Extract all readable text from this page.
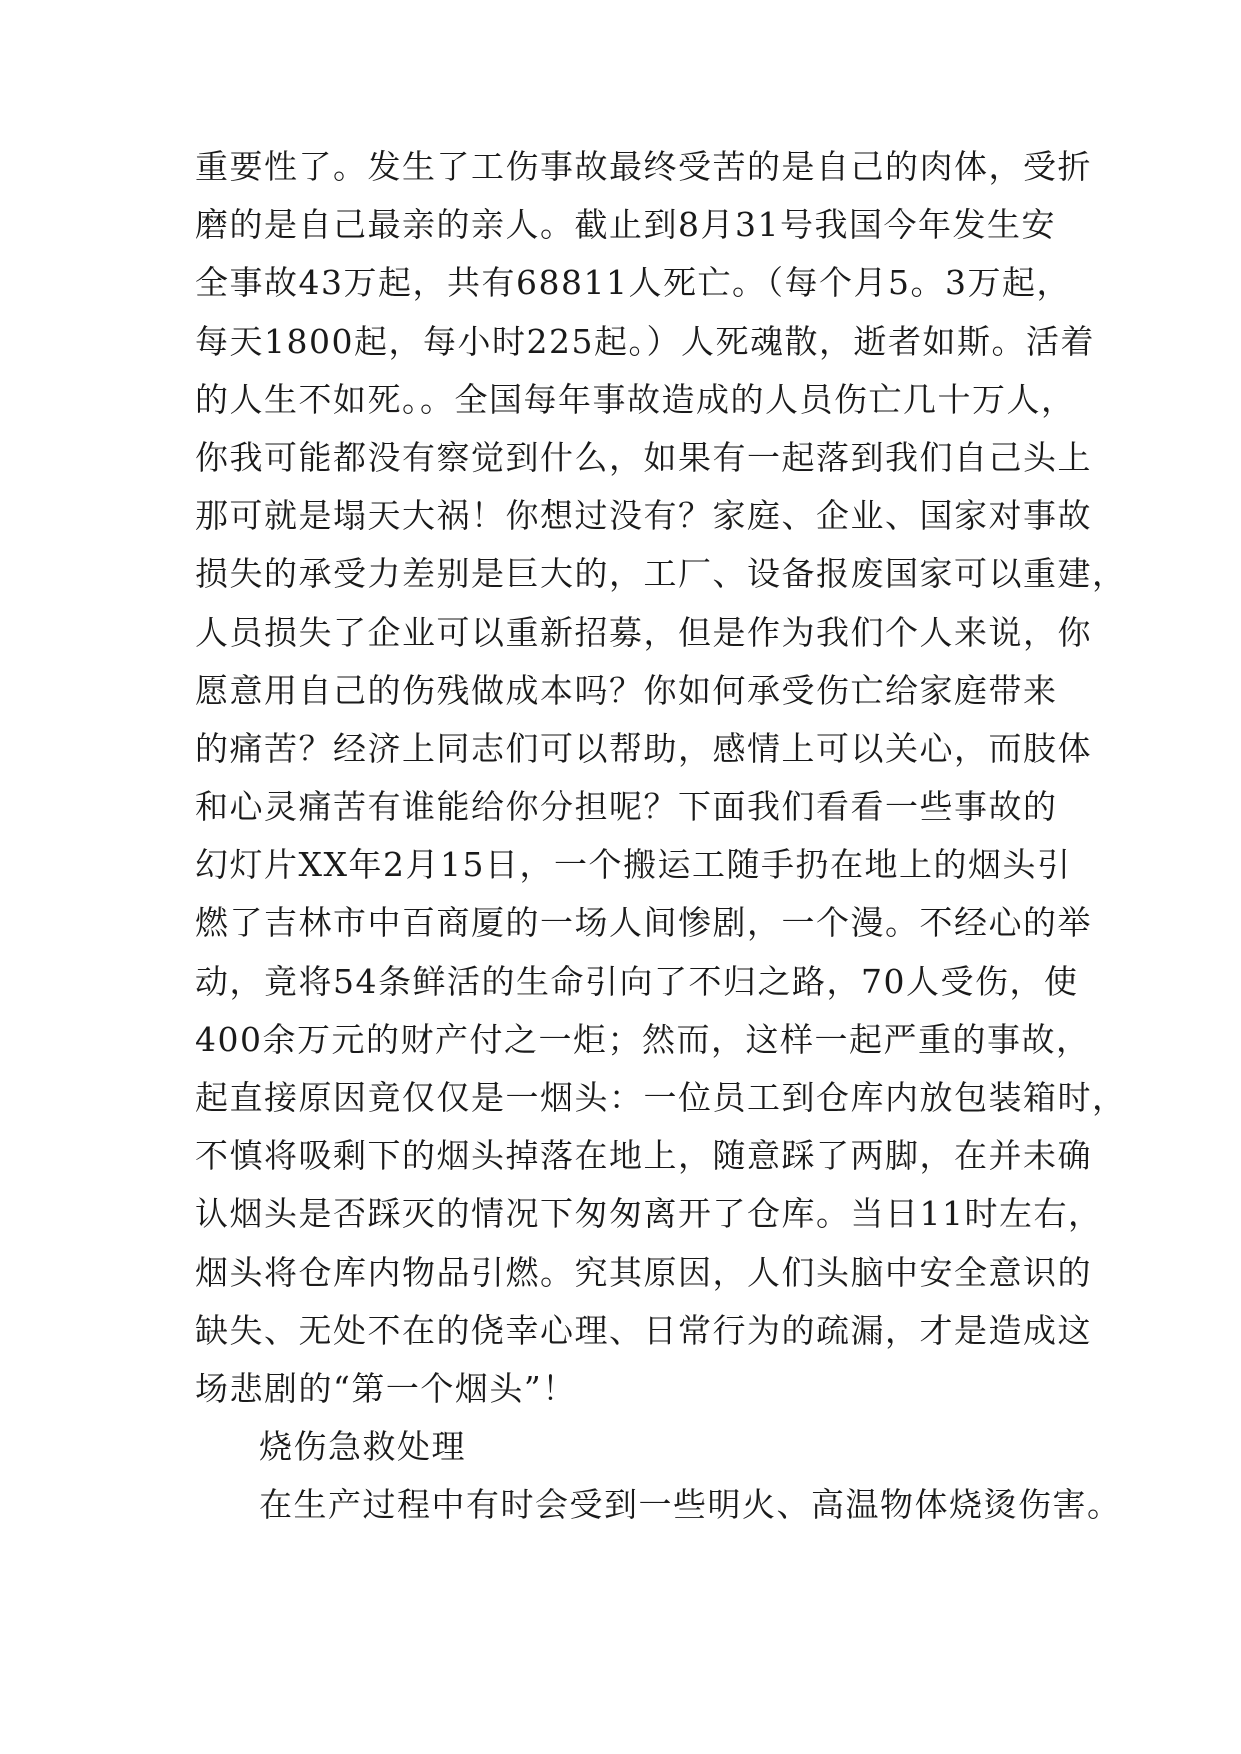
重要性了。发生了工伤事故最终受苦的是自己的肉体，受折
磨的是自己最亲的亲人。截止到8月31号我国今年发生安
全事故43万起，共有68811人死亡。（每个月5。3万起，
每天1800起，每小时225起。）人死魂散，逝者如斯。活着
的人生不如死。。全国每年事故造成的人员伤亡几十万人，
你我可能都没有察觉到什么，如果有一起落到我们自己头上
那可就是塌天大祸！你想过没有？家庭、企业、国家对事故
损失的承受力差别是巨大的，工厂、设备报废国家可以重建，
人员损失了企业可以重新招募，但是作为我们个人来说，你
愿意用自己的伤残做成本吗？你如何承受伤亡给家庭带来
的痛苦？经济上同志们可以帮助，感情上可以关心，而肢体
和心灵痛苦有谁能给你分担呢？下面我们看看一些事故的
幻灯片XX年2月15日，一个搬运工随手扔在地上的烟头引
燃了吉林市中百商厦的一场人间惨剧，一个漫。不经心的举
动，竟将54条鲜活的生命引向了不归之路，70人受伤，使
400余万元的财产付之一炬；然而，这样一起严重的事故，
起直接原因竟仅仅是一烟头：一位员工到仓库内放包装箱时，
不慎将吸剩下的烟头掉落在地上，随意踩了两脚，在并未确
认烟头是否踩灭的情况下匆匆离开了仓库。当日11时左右，
烟头将仓库内物品引燃。究其原因，人们头脑中安全意识的
缺失、无处不在的侥幸心理、日常行为的疏漏，才是造成这
场悲剧的“第一个烟头”！
烧伤急救处理
在生产过程中有时会受到一些明火、高温物体烧烫伤害。
